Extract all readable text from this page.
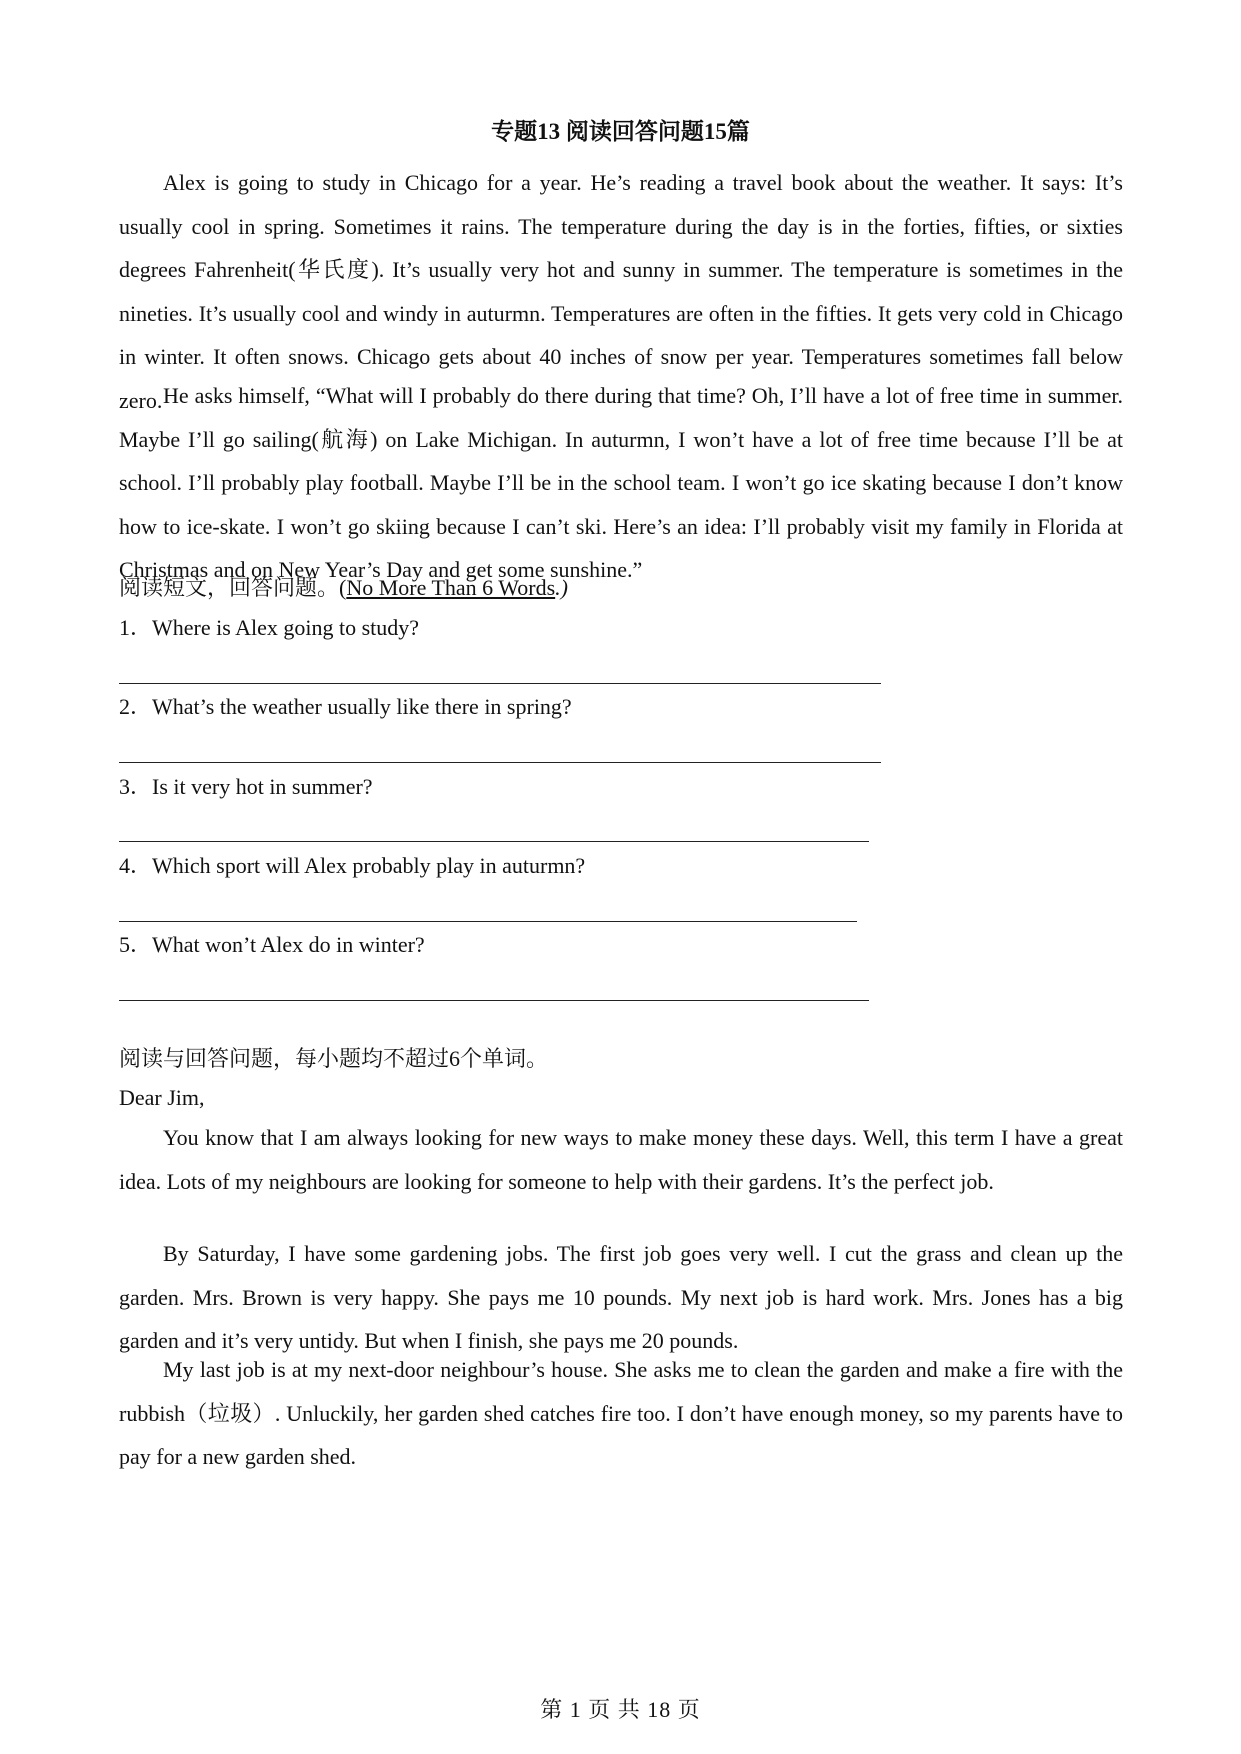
专题13 阅读回答问题15篇

Alex is going to study in Chicago for a year. He’s reading a travel book about the weather. It says: It’s usually cool in spring. Sometimes it rains. The temperature during the day is in the forties, fifties, or sixties degrees Fahrenheit(华氏度). It’s usually very hot and sunny in summer. The temperature is sometimes in the nineties. It’s usually cool and windy in auturmn. Temperatures are often in the fifties. It gets very cold in Chicago in winter. It often snows. Chicago gets about 40 inches of snow per year. Temperatures sometimes fall below zero. He asks himself, “What will I probably do there during that time? Oh, I’ll have a lot of free time in summer. Maybe I’ll go sailing(航海) on Lake Michigan. In auturmn, I won’t have a lot of free time because I’ll be at school. I’ll probably play football. Maybe I’ll be in the school team. I won’t go ice skating because I don’t know how to ice-skate. I won’t go skiing because I can’t ski. Here’s an idea: I’ll probably visit my family in Florida at Christmas and on New Year’s Day and get some sunshine.”

阅读短文，回答问题。(No More Than 6 Words.)

1．Where is Alex going to study?

2．What’s the weather usually like there in spring?

3．Is it very hot in summer?

4．Which sport will Alex probably play in auturmn?

5．What won’t Alex do in winter?

阅读与回答问题，每小题均不超过6个单词。

Dear Jim,

You know that I am always looking for new ways to make money these days. Well, this term I have a great idea. Lots of my neighbours are looking for someone to help with their gardens. It’s the perfect job.

By Saturday, I have some gardening jobs. The first job goes very well. I cut the grass and clean up the garden. Mrs. Brown is very happy. She pays me 10 pounds. My next job is hard work. Mrs. Jones has a big garden and it’s very untidy. But when I finish, she pays me 20 pounds.

My last job is at my next-door neighbour’s house. She asks me to clean the garden and make a fire with the rubbish（垃圾）. Unluckily, her garden shed catches fire too. I don’t have enough money, so my parents have to pay for a new garden shed.

第 1 页 共 18 页
